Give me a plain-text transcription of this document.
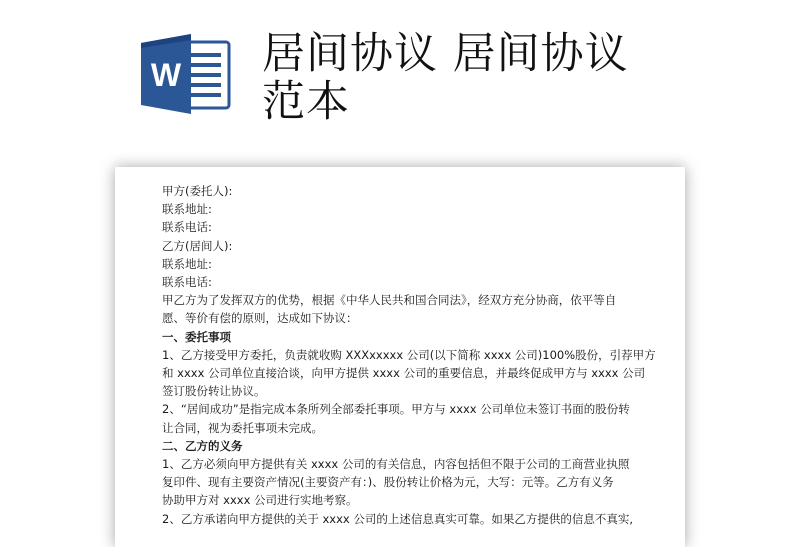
W 居间协议 居间协议
范本
甲方(委托人):
联系地址:
联系电话:
乙方(居间人):
联系地址:
联系电话:
甲乙方为了发挥双方的优势，根据《中华人民共和国合同法》，经双方充分协商，依平等自
愿、等价有偿的原则，达成如下协议：
一、委托事项
1、乙方接受甲方委托，负责就收购 XXXxxxxx 公司(以下简称 xxxx 公司)100%股份，引荐甲方
和 xxxx 公司单位直接洽谈，向甲方提供 xxxx 公司的重要信息，并最终促成甲方与 xxxx 公司
签订股份转让协议。
2、“居间成功”是指完成本条所列全部委托事项。甲方与 xxxx 公司单位未签订书面的股份转
让合同，视为委托事项未完成。
二、乙方的义务
1、乙方必须向甲方提供有关 xxxx 公司的有关信息，内容包括但不限于公司的工商营业执照
复印件、现有主要资产情况(主要资产有：)、股份转让价格为元，大写：元等。乙方有义务
协助甲方对 xxxx 公司进行实地考察。
2、乙方承诺向甲方提供的关于 xxxx 公司的上述信息真实可靠。如果乙方提供的信息不真实,
